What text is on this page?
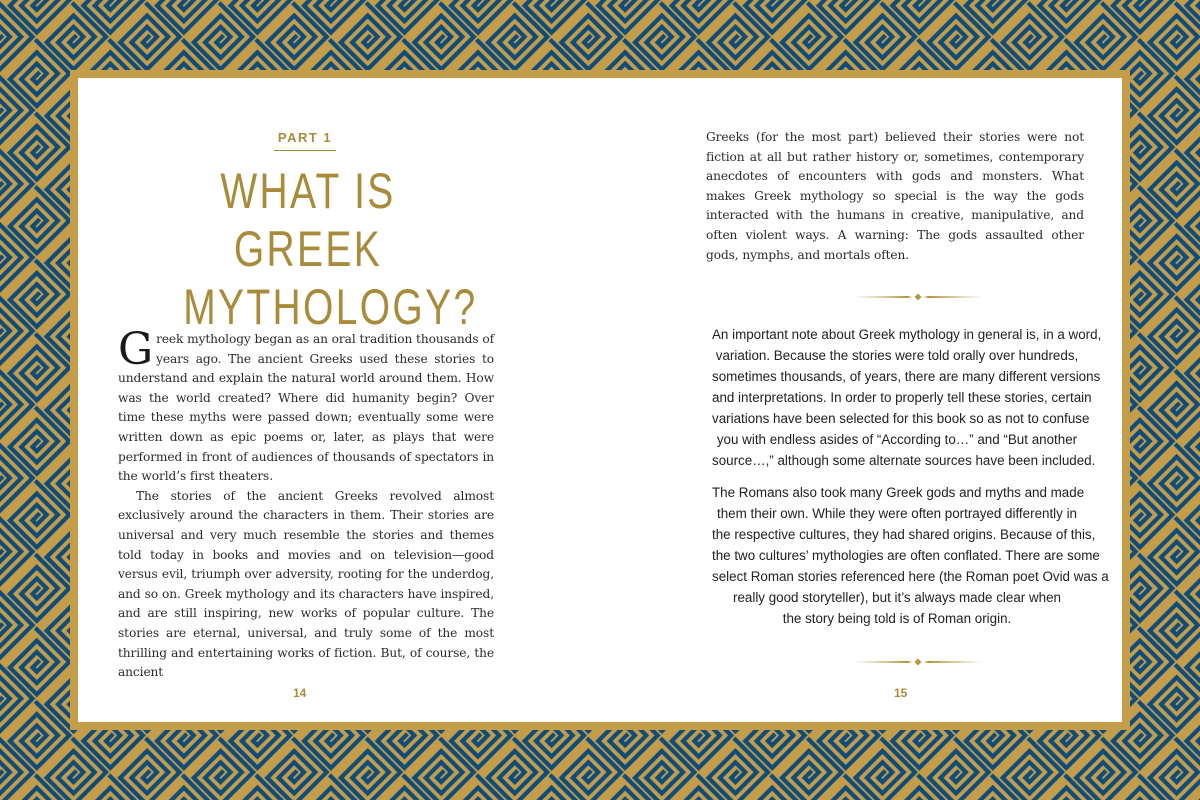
PART 1
WHAT IS GREEK
MYTHOLOGY?

Greek mythology began as an oral tradition thousands of years ago. The ancient Greeks used these stories to understand and explain the natural world around them. How was the world created? Where did humanity begin? Over time these myths were passed down; eventually some were written down as epic poems or, later, as plays that were performed in front of audiences of thousands of spectators in the world’s first theaters.

The stories of the ancient Greeks revolved almost exclusively around the characters in them. Their stories are universal and very much resemble the stories and themes told today in books and movies and on television—good versus evil, triumph over adversity, rooting for the underdog, and so on. Greek mythology and its characters have inspired, and are still inspiring, new works of popular culture. The stories are eternal, universal, and truly some of the most thrilling and entertaining works of fiction. But, of course, the ancient

14

Greeks (for the most part) believed their stories were not fiction at all but rather history or, sometimes, contemporary anecdotes of encounters with gods and monsters. What makes Greek mythology so special is the way the gods interacted with the humans in creative, manipulative, and often violent ways. A warning: The gods assaulted other gods, nymphs, and mortals often.

An important note about Greek mythology in general is, in a word,
variation. Because the stories were told orally over hundreds,
sometimes thousands, of years, there are many different versions
and interpretations. In order to properly tell these stories, certain
variations have been selected for this book so as not to confuse
you with endless asides of “According to…” and “But another
source…,” although some alternate sources have been included.
The Romans also took many Greek gods and myths and made
them their own. While they were often portrayed differently in
the respective cultures, they had shared origins. Because of this,
the two cultures’ mythologies are often conflated. There are some
select Roman stories referenced here (the Roman poet Ovid was a
really good storyteller), but it’s always made clear when
the story being told is of Roman origin.
15
